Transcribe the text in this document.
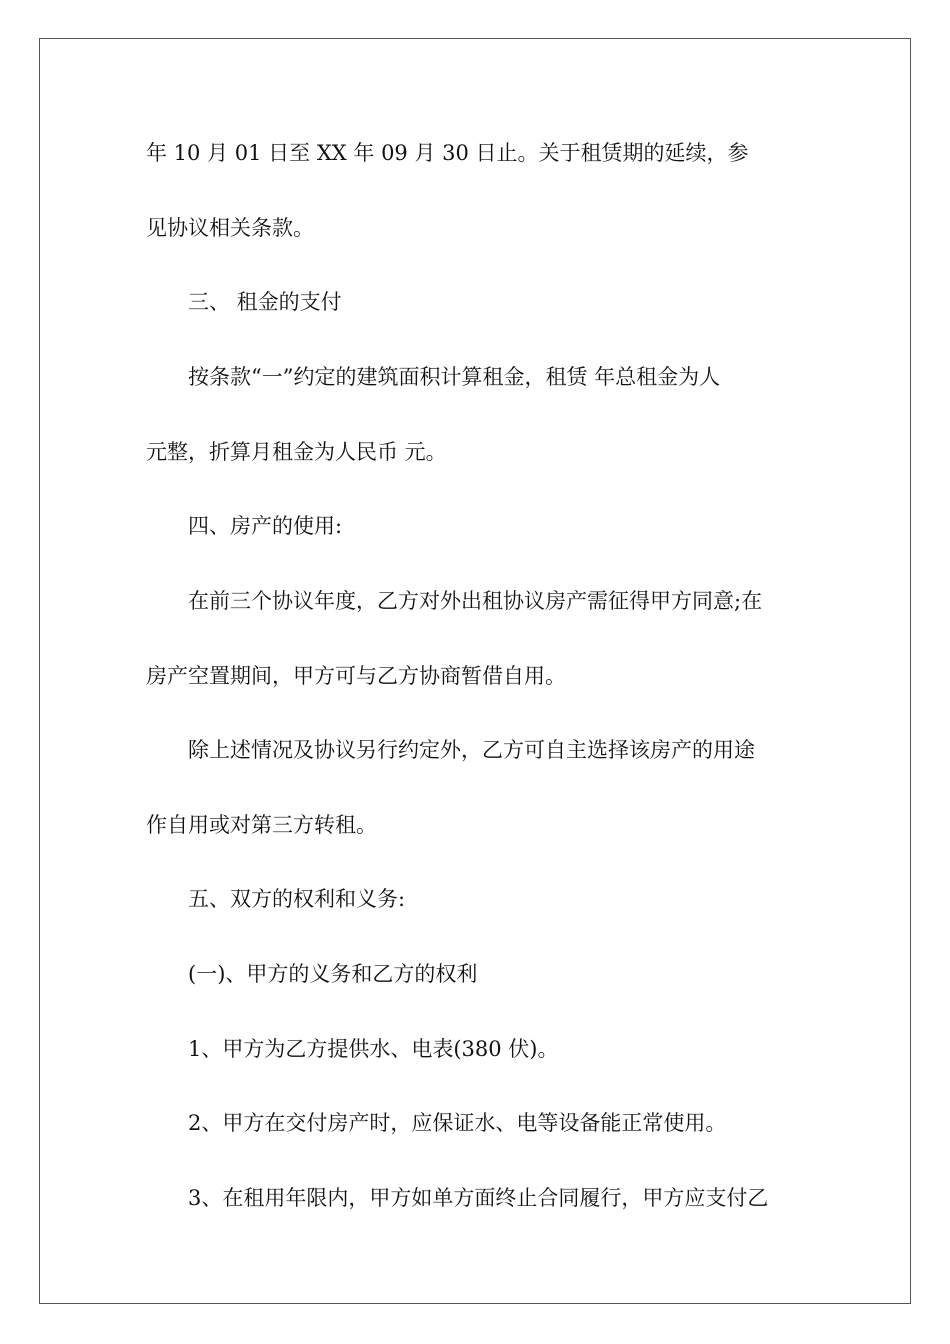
年 10 月 01 日至 XX 年 09 月 30 日止。关于租赁期的延续，参
见协议相关条款。
三、 租金的支付
按条款“一”约定的建筑面积计算租金，租赁 年总租金为人
元整，折算月租金为人民币 元。
四、房产的使用:
在前三个协议年度，乙方对外出租协议房产需征得甲方同意;在
房产空置期间，甲方可与乙方协商暂借自用。
除上述情况及协议另行约定外，乙方可自主选择该房产的用途
作自用或对第三方转租。
五、双方的权利和义务:
(一)、甲方的义务和乙方的权利
1、甲方为乙方提供水、电表(380 伏)。
2、甲方在交付房产时，应保证水、电等设备能正常使用。
3、在租用年限内，甲方如单方面终止合同履行，甲方应支付乙
